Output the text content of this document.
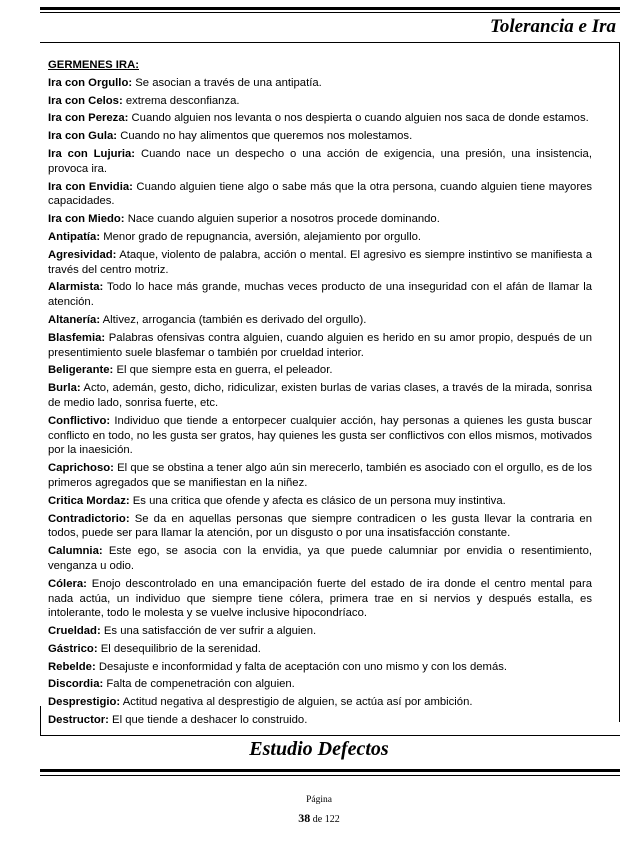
Tolerancia e Ira
GERMENES IRA:
Ira con Orgullo: Se asocian a través de una antipatía.
Ira con Celos: extrema desconfianza.
Ira con Pereza: Cuando alguien nos levanta o nos despierta o cuando alguien nos saca de donde estamos.
Ira con Gula: Cuando no hay alimentos que queremos nos molestamos.
Ira con Lujuria: Cuando nace un despecho o una acción de exigencia, una presión, una insistencia, provoca ira.
Ira con Envidia: Cuando alguien tiene algo o sabe más que la otra persona, cuando alguien tiene mayores capacidades.
Ira con Miedo: Nace cuando alguien superior a nosotros procede dominando.
Antipatía: Menor grado de repugnancia, aversión, alejamiento por orgullo.
Agresividad: Ataque, violento de palabra, acción o mental. El agresivo es siempre instintivo se manifiesta a través del centro motriz.
Alarmista: Todo lo hace más grande, muchas veces producto de una inseguridad con el afán de llamar la atención.
Altanería: Altivez, arrogancia (también es derivado del orgullo).
Blasfemia: Palabras ofensivas contra alguien, cuando alguien es herido en su amor propio, después de un presentimiento suele blasfemar o también por crueldad interior.
Beligerante: El que siempre esta en guerra, el peleador.
Burla: Acto, ademán, gesto, dicho, ridiculizar, existen burlas de varias clases, a través de la mirada, sonrisa de medio lado, sonrisa fuerte, etc.
Conflictivo: Individuo que tiende a entorpecer cualquier acción, hay personas a quienes les gusta buscar conflicto en todo, no les gusta ser gratos, hay quienes les gusta ser conflictivos con ellos mismos, motivados por la inaesición.
Caprichoso: El que se obstina a tener algo aún sin merecerlo, también es asociado con el orgullo, es de los primeros agregados que se manifiestan en la niñez.
Critica Mordaz: Es una critica que ofende y afecta es clásico de un persona muy instintiva.
Contradictorio: Se da en aquellas personas que siempre contradicen o les gusta llevar la contraria en todos, puede ser para llamar la atención, por un disgusto o por una insatisfacción constante.
Calumnia: Este ego, se asocia con la envidia, ya que puede calumniar por envidia o resentimiento, venganza u odio.
Cólera: Enojo descontrolado en una emancipación fuerte del estado de ira donde el centro mental para nada actúa, un individuo que siempre tiene cólera, primera trae en si nervios y después estalla, es intolerante, todo le molesta y se vuelve inclusive hipocondríaco.
Crueldad: Es una satisfacción de ver sufrir a alguien.
Gástrico: El desequilibrio de la serenidad.
Rebelde: Desajuste e inconformidad y falta de aceptación con uno mismo y con los demás.
Discordia: Falta de compenetración con alguien.
Desprestigio: Actitud negativa al desprestigio de alguien, se actúa así por ambición.
Destructor: El que tiende a deshacer lo construido.
Estudio Defectos
Página
38 de 122
